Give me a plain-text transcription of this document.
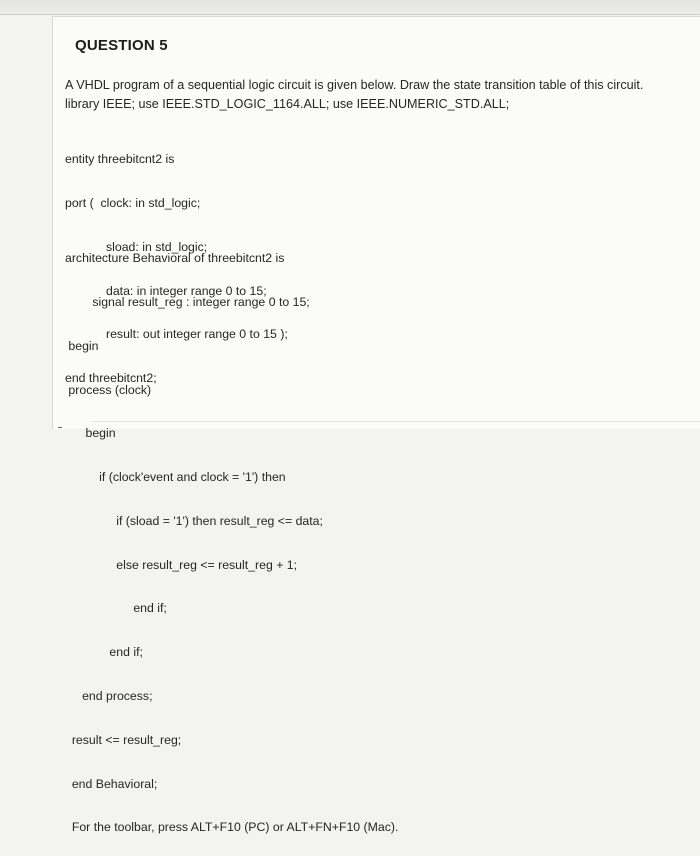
QUESTION 5
A VHDL program of a sequential logic circuit is given below. Draw the state transition table of this circuit.
library IEEE; use IEEE.STD_LOGIC_1164.ALL; use IEEE.NUMERIC_STD.ALL;

entity threebitcnt2 is

port (  clock: in std_logic;

sload: in std_logic;

data: in integer range 0 to 15;

result: out integer range 0 to 15 );

end threebitcnt2;

architecture Behavioral of threebitcnt2 is

signal result_reg : integer range 0 to 15;

begin

process (clock)

begin

if (clock'event and clock = '1') then

if (sload = '1') then result_reg <= data;

else result_reg <= result_reg + 1;

end if;

end if;

end process;

result <= result_reg;

end Behavioral;

For the toolbar, press ALT+F10 (PC) or ALT+FN+F10 (Mac).
